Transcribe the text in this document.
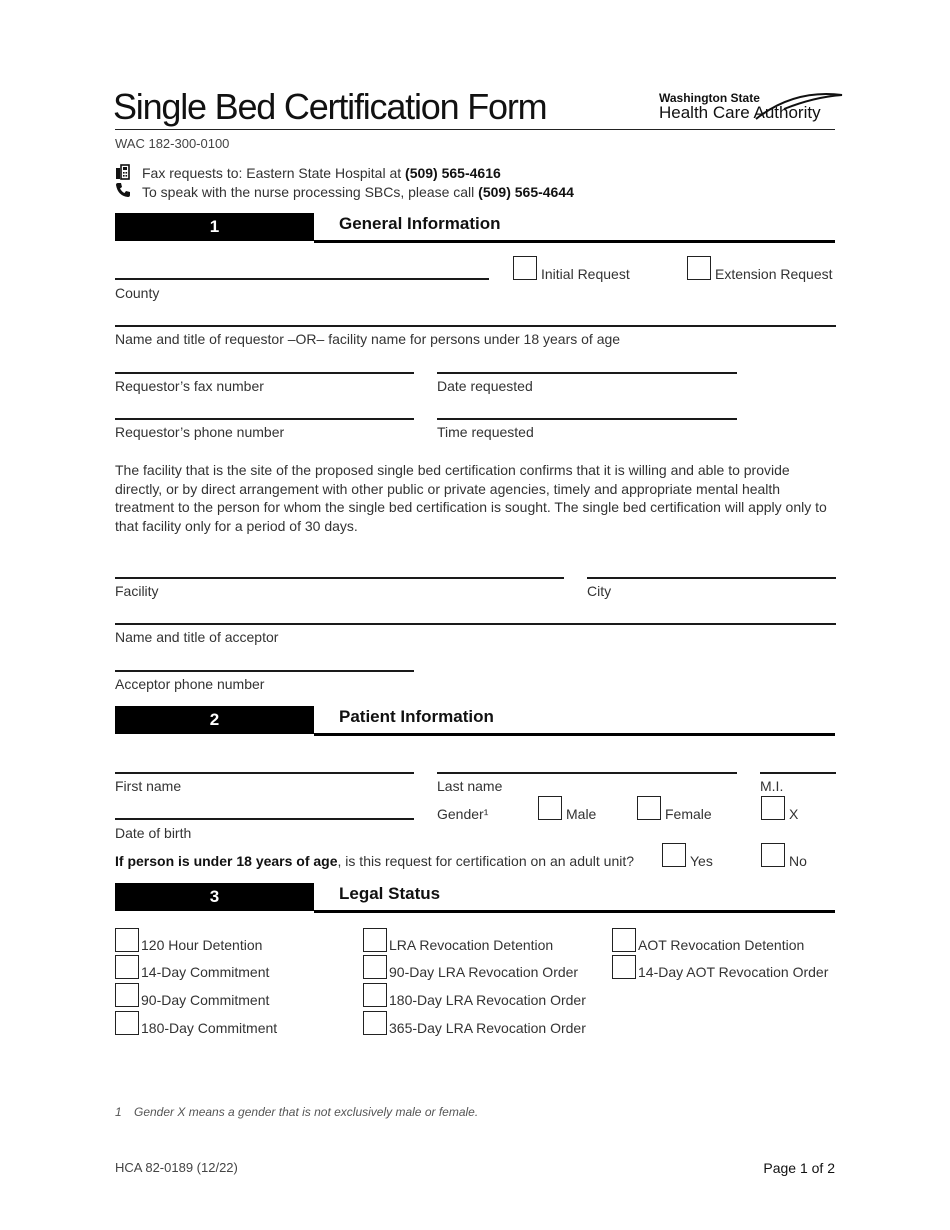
Single Bed Certification Form	Washington State
Health Care Authority
WAC 182-300-0100
Fax requests to: Eastern State Hospital at (509) 565-4616
To speak with the nurse processing SBCs, please call (509) 565-4644
1	General Information
County
Initial Request	Extension Request
Name and title of requestor –OR– facility name for persons under 18 years of age
Requestor’s fax number	Date requested
Requestor’s phone number	Time requested
The facility that is the site of the proposed single bed certification confirms that it is willing and able to provide directly, or by direct arrangement with other public or private agencies, timely and appropriate mental health treatment to the person for whom the single bed certification is sought. The single bed certification will apply only to that facility only for a period of 30 days.
Facility	City
Name and title of acceptor
Acceptor phone number
2	Patient Information
First name	Last name	M.I.
Date of birth
Gender¹	Male	Female	X
If person is under 18 years of age, is this request for certification on an adult unit?	Yes	No
3	Legal Status
120 Hour Detention
14-Day Commitment
90-Day Commitment
180-Day Commitment
LRA Revocation Detention
90-Day LRA Revocation Order
180-Day LRA Revocation Order
365-Day LRA Revocation Order
AOT Revocation Detention
14-Day AOT Revocation Order
1 Gender X means a gender that is not exclusively male or female.
HCA 82-0189 (12/22)	Page 1 of 2
